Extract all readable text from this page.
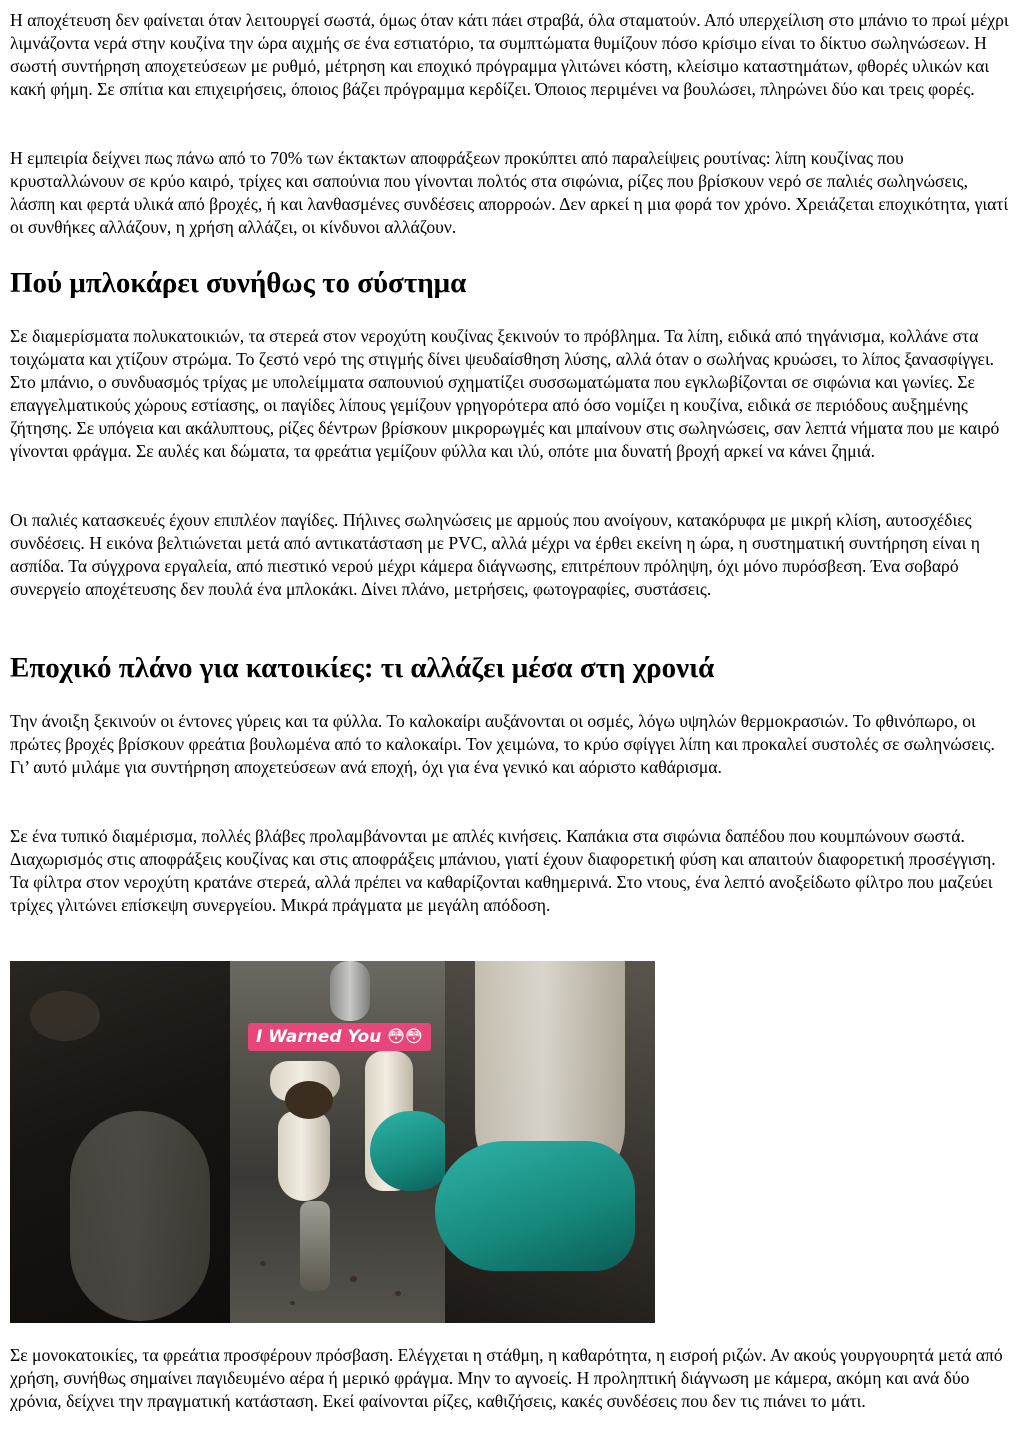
Η αποχέτευση δεν φαίνεται όταν λειτουργεί σωστά, όμως όταν κάτι πάει στραβά, όλα σταματούν. Από υπερχείλιση στο μπάνιο το πρωί μέχρι λιμνάζοντα νερά στην κουζίνα την ώρα αιχμής σε ένα εστιατόριο, τα συμπτώματα θυμίζουν πόσο κρίσιμο είναι το δίκτυο σωληνώσεων. Η σωστή συντήρηση αποχετεύσεων με ρυθμό, μέτρηση και εποχικό πρόγραμμα γλιτώνει κόστη, κλείσιμο καταστημάτων, φθορές υλικών και κακή φήμη. Σε σπίτια και επιχειρήσεις, όποιος βάζει πρόγραμμα κερδίζει. Όποιος περιμένει να βουλώσει, πληρώνει δύο και τρεις φορές.

Η εμπειρία δείχνει πως πάνω από το 70% των έκτακτων αποφράξεων προκύπτει από παραλείψεις ρουτίνας: λίπη κουζίνας που κρυσταλλώνουν σε κρύο καιρό, τρίχες και σαπούνια που γίνονται πολτός στα σιφώνια, ρίζες που βρίσκουν νερό σε παλιές σωληνώσεις, λάσπη και φερτά υλικά από βροχές, ή και λανθασμένες συνδέσεις απορροών. Δεν αρκεί η μια φορά τον χρόνο. Χρειάζεται εποχικότητα, γιατί οι συνθήκες αλλάζουν, η χρήση αλλάζει, οι κίνδυνοι αλλάζουν.

Πού μπλοκάρει συνήθως το σύστημα

Σε διαμερίσματα πολυκατοικιών, τα στερεά στον νεροχύτη κουζίνας ξεκινούν το πρόβλημα. Τα λίπη, ειδικά από τηγάνισμα, κολλάνε στα τοιχώματα και χτίζουν στρώμα. Το ζεστό νερό της στιγμής δίνει ψευδαίσθηση λύσης, αλλά όταν ο σωλήνας κρυώσει, το λίπος ξανασφίγγει. Στο μπάνιο, ο συνδυασμός τρίχας με υπολείμματα σαπουνιού σχηματίζει συσσωματώματα που εγκλωβίζονται σε σιφώνια και γωνίες. Σε επαγγελματικούς χώρους εστίασης, οι παγίδες λίπους γεμίζουν γρηγορότερα από όσο νομίζει η κουζίνα, ειδικά σε περιόδους αυξημένης ζήτησης. Σε υπόγεια και ακάλυπτους, ρίζες δέντρων βρίσκουν μικρορωγμές και μπαίνουν στις σωληνώσεις, σαν λεπτά νήματα που με καιρό γίνονται φράγμα. Σε αυλές και δώματα, τα φρεάτια γεμίζουν φύλλα και ιλύ, οπότε μια δυνατή βροχή αρκεί να κάνει ζημιά.

Οι παλιές κατασκευές έχουν επιπλέον παγίδες. Πήλινες σωληνώσεις με αρμούς που ανοίγουν, κατακόρυφα με μικρή κλίση, αυτοσχέδιες συνδέσεις. Η εικόνα βελτιώνεται μετά από αντικατάσταση με PVC, αλλά μέχρι να έρθει εκείνη η ώρα, η συστηματική συντήρηση είναι η ασπίδα. Τα σύγχρονα εργαλεία, από πιεστικό νερού μέχρι κάμερα διάγνωσης, επιτρέπουν πρόληψη, όχι μόνο πυρόσβεση. Ένα σοβαρό συνεργείο αποχέτευσης δεν πουλά ένα μπλοκάκι. Δίνει πλάνο, μετρήσεις, φωτογραφίες, συστάσεις.

Εποχικό πλάνο για κατοικίες: τι αλλάζει μέσα στη χρονιά

Την άνοιξη ξεκινούν οι έντονες γύρεις και τα φύλλα. Το καλοκαίρι αυξάνονται οι οσμές, λόγω υψηλών θερμοκρασιών. Το φθινόπωρο, οι πρώτες βροχές βρίσκουν φρεάτια βουλωμένα από το καλοκαίρι. Τον χειμώνα, το κρύο σφίγγει λίπη και προκαλεί συστολές σε σωληνώσεις. Γι’ αυτό μιλάμε για συντήρηση αποχετεύσεων ανά εποχή, όχι για ένα γενικό και αόριστο καθάρισμα.

Σε ένα τυπικό διαμέρισμα, πολλές βλάβες προλαμβάνονται με απλές κινήσεις. Καπάκια στα σιφώνια δαπέδου που κουμπώνουν σωστά. Διαχωρισμός στις αποφράξεις κουζίνας και στις αποφράξεις μπάνιου, γιατί έχουν διαφορετική φύση και απαιτούν διαφορετική προσέγγιση. Τα φίλτρα στον νεροχύτη κρατάνε στερεά, αλλά πρέπει να καθαρίζονται καθημερινά. Στο ντους, ένα λεπτό ανοξείδωτο φίλτρο που μαζεύει τρίχες γλιτώνει επίσκεψη συνεργείου. Μικρά πράγματα με μεγάλη απόδοση.

I Warned You 😳😳

Σε μονοκατοικίες, τα φρεάτια προσφέρουν πρόσβαση. Ελέγχεται η στάθμη, η καθαρότητα, η εισροή ριζών. Αν ακούς γουργουρητά μετά από χρήση, συνήθως σημαίνει παγιδευμένο αέρα ή μερικό φράγμα. Μην το αγνοείς. Η προληπτική διάγνωση με κάμερα, ακόμη και ανά δύο χρόνια, δείχνει την πραγματική κατάσταση. Εκεί φαίνονται ρίζες, καθιζήσεις, κακές συνδέσεις που δεν τις πιάνει το μάτι.
